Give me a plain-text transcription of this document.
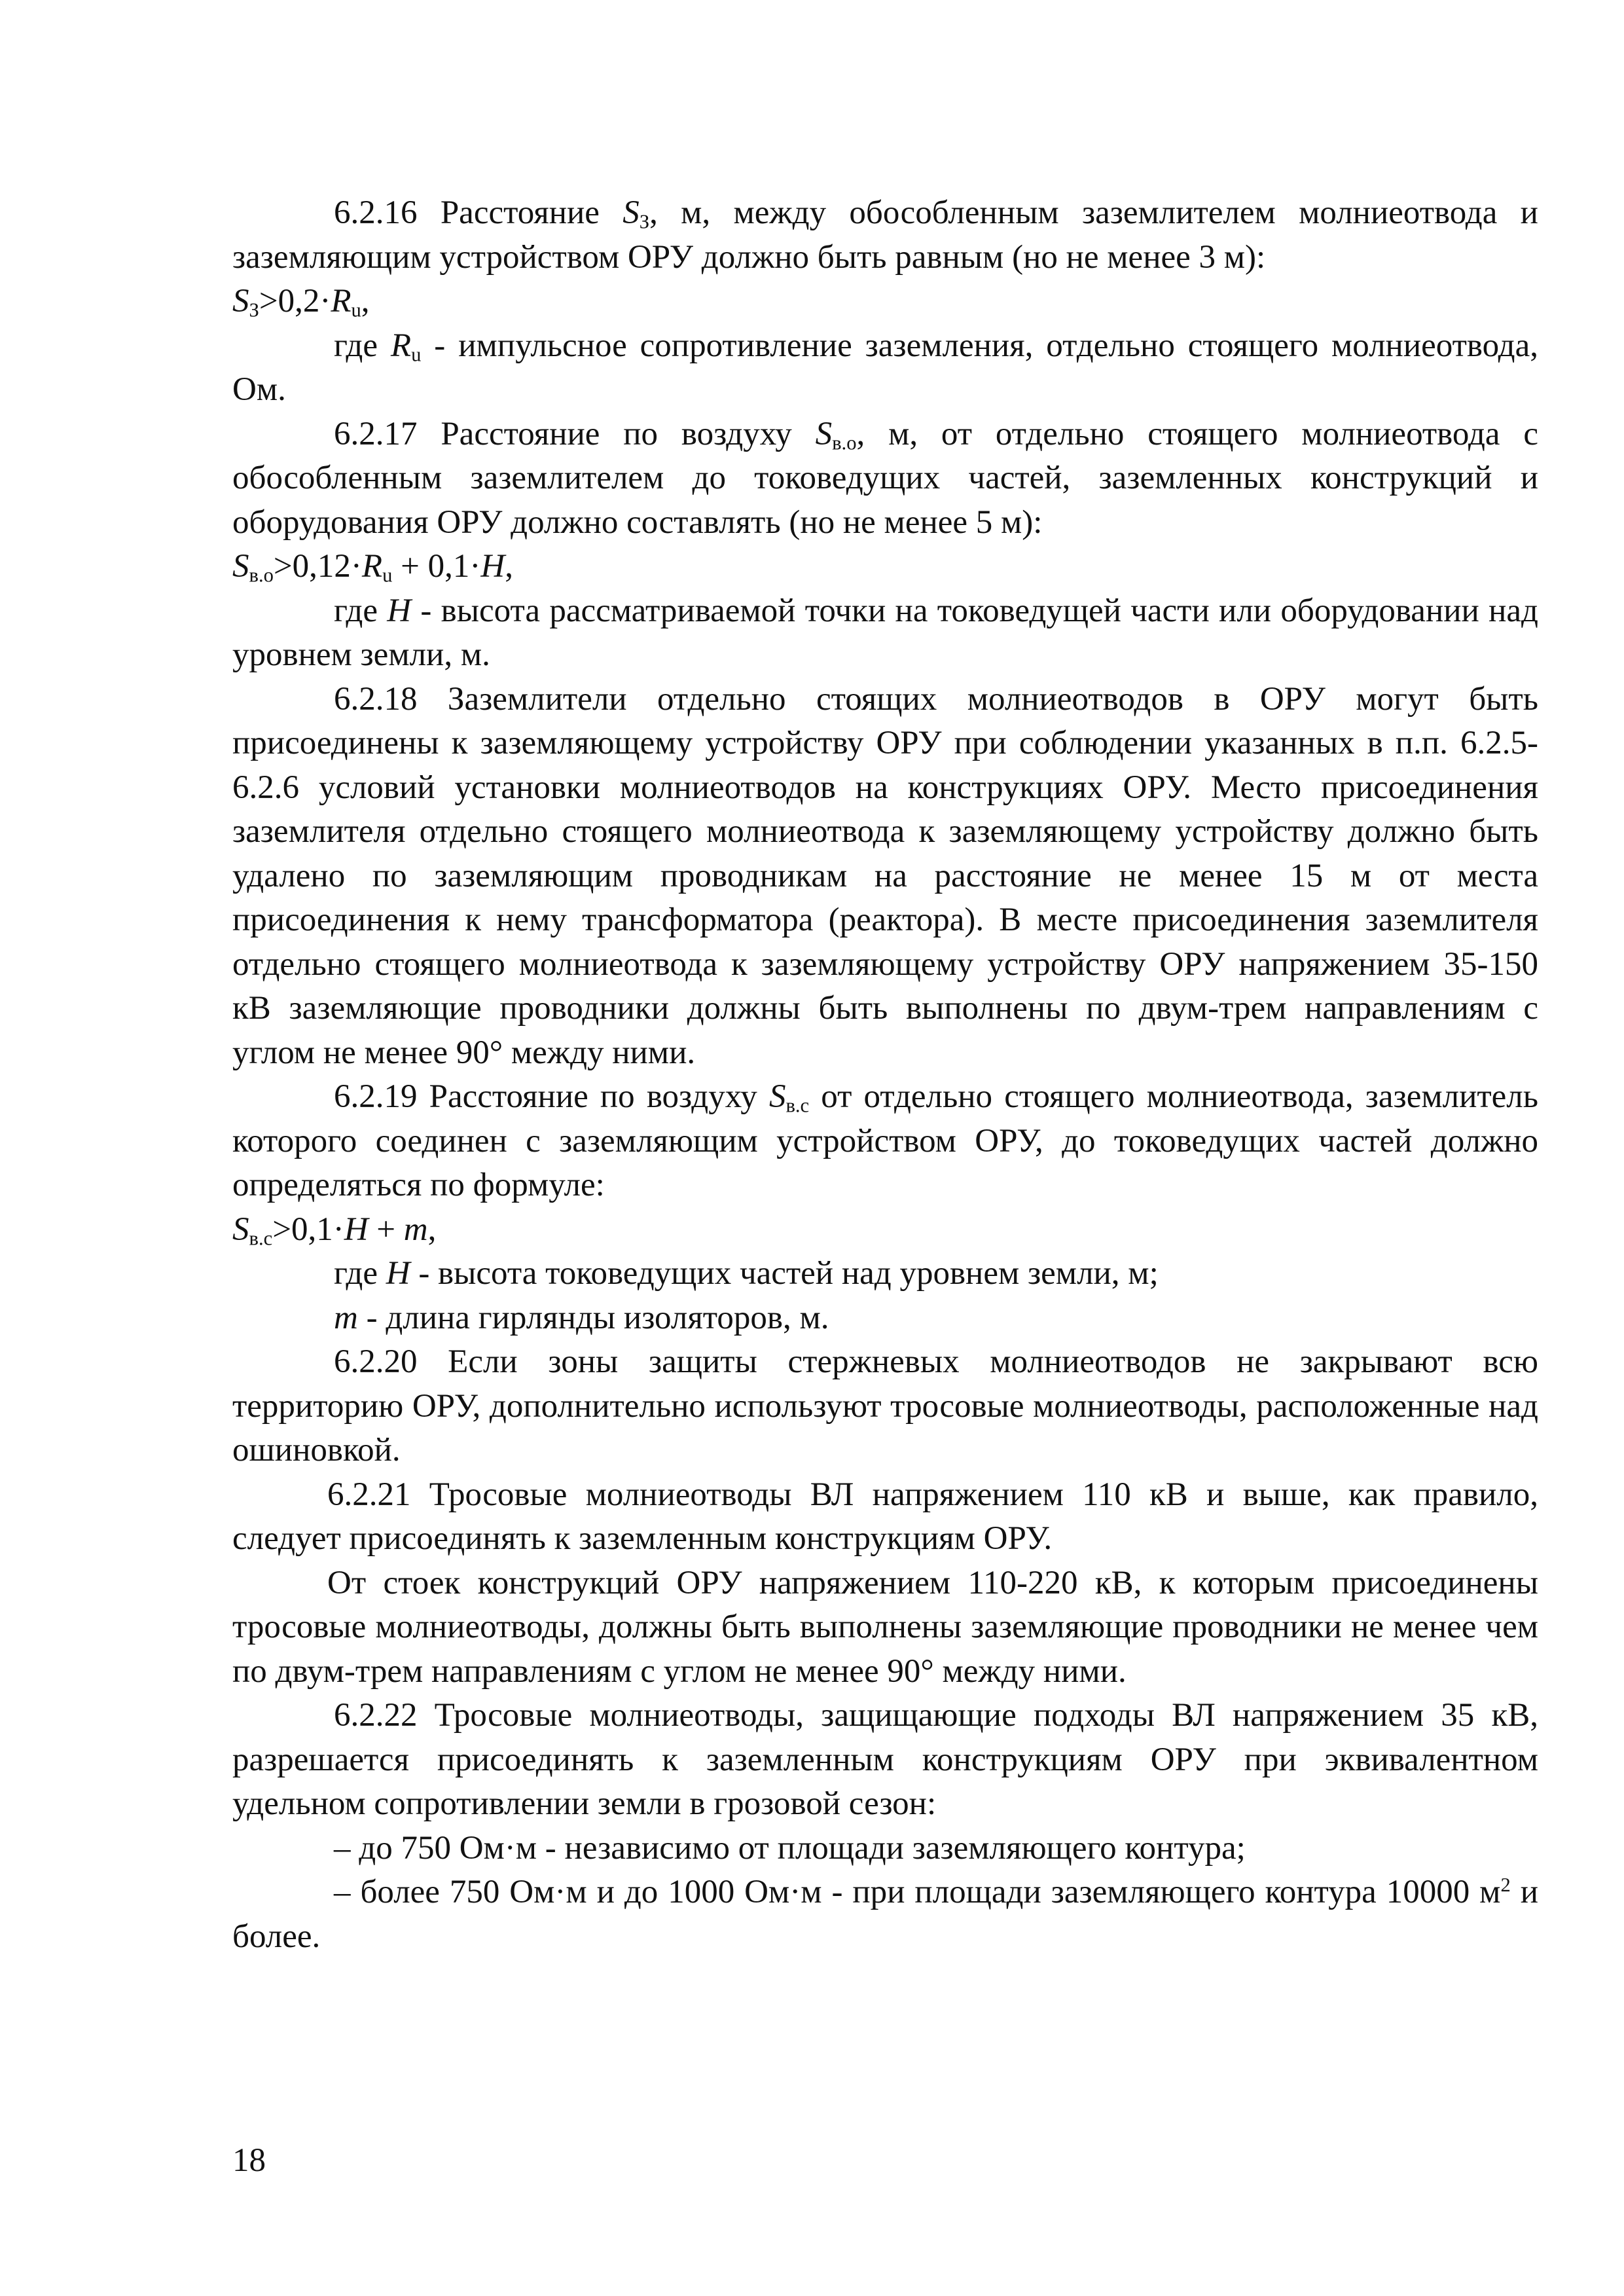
6.2.16 Расстояние $S_З$, м, между обособленным заземлителем молниеотвода и заземляющим устройством ОРУ должно быть равным (но не менее 3 м):

$S_З>0,2\cdot R_u$,

где $R_u$ - импульсное сопротивление заземления, отдельно стоящего молниеотвода, Ом.

6.2.17 Расстояние по воздуху $S_{в.о}$, м, от отдельно стоящего молниеотвода с обособленным заземлителем до токоведущих частей, заземленных конструкций и оборудования ОРУ должно составлять (но не менее 5 м):

$S_{в.о}>0,12\cdot R_u + 0,1\cdot H$,

где H - высота рассматриваемой точки на токоведущей части или оборудовании над уровнем земли, м.

6.2.18 Заземлители отдельно стоящих молниеотводов в ОРУ могут быть присоединены к заземляющему устройству ОРУ при соблюдении указанных в п.п. 6.2.5-6.2.6 условий установки молниеотводов на конструкциях ОРУ. Место присоединения заземлителя отдельно стоящего молниеотвода к заземляющему устройству должно быть удалено по заземляющим проводникам на расстояние не менее 15 м от места присоединения к нему трансформатора (реактора). В месте присоединения заземлителя отдельно стоящего молниеотвода к заземляющему устройству ОРУ напряжением 35-150 кВ заземляющие проводники должны быть выполнены по двум-трем направлениям с углом не менее 90° между ними.

6.2.19 Расстояние по воздуху $S_{в.с}$ от отдельно стоящего молниеотвода, заземлитель которого соединен с заземляющим устройством ОРУ, до токоведущих частей должно определяться по формуле:

$S_{в.с}>0,1\cdot H + m$,

где H - высота токоведущих частей над уровнем земли, м;

m - длина гирлянды изоляторов, м.

6.2.20 Если зоны защиты стержневых молниеотводов не закрывают всю территорию ОРУ, дополнительно используют тросовые молниеотводы, расположенные над ошиновкой.

6.2.21 Тросовые молниеотводы ВЛ напряжением 110 кВ и выше, как правило, следует присоединять к заземленным конструкциям ОРУ.

От стоек конструкций ОРУ напряжением 110-220 кВ, к которым присоединены тросовые молниеотводы, должны быть выполнены заземляющие проводники не менее чем по двум-трем направлениям с углом не менее 90° между ними.

6.2.22 Тросовые молниеотводы, защищающие подходы ВЛ напряжением 35 кВ, разрешается присоединять к заземленным конструкциям ОРУ при эквивалентном удельном сопротивлении земли в грозовой сезон:

– до 750 Ом·м - независимо от площади заземляющего контура;

– более 750 Ом·м и до 1000 Ом·м - при площади заземляющего контура 10000 $м^2$ и более.

18
